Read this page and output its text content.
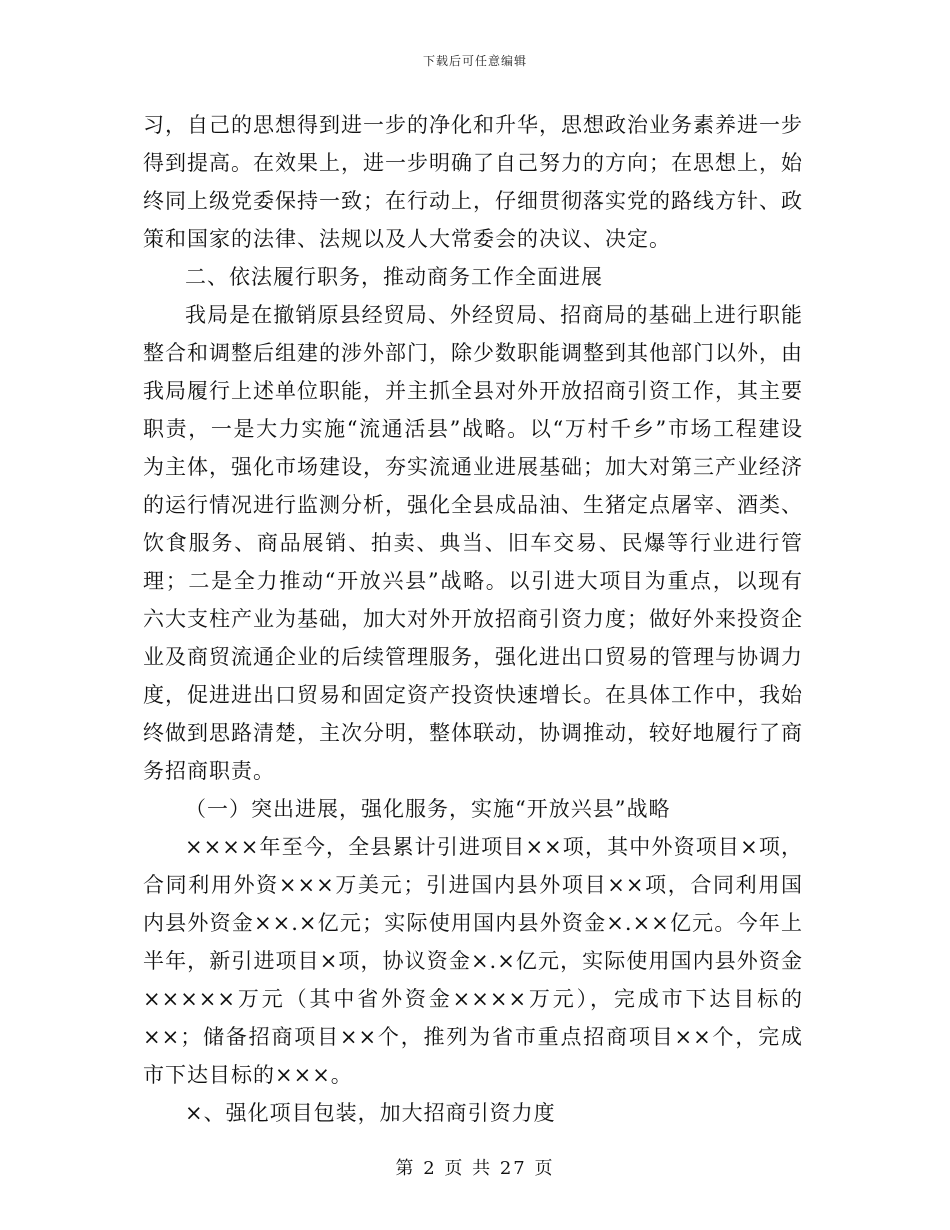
下载后可任意编辑

习，自己的思想得到进一步的净化和升华，思想政治业务素养进一步得到提高。在效果上，进一步明确了自己努力的方向；在思想上，始终同上级党委保持一致；在行动上，仔细贯彻落实党的路线方针、政策和国家的法律、法规以及人大常委会的决议、决定。

二、依法履行职务，推动商务工作全面进展

我局是在撤销原县经贸局、外经贸局、招商局的基础上进行职能整合和调整后组建的涉外部门，除少数职能调整到其他部门以外，由我局履行上述单位职能，并主抓全县对外开放招商引资工作，其主要职责，一是大力实施“流通活县”战略。以“万村千乡”市场工程建设为主体，强化市场建设，夯实流通业进展基础；加大对第三产业经济的运行情况进行监测分析，强化全县成品油、生猪定点屠宰、酒类、饮食服务、商品展销、拍卖、典当、旧车交易、民爆等行业进行管理；二是全力推动“开放兴县”战略。以引进大项目为重点，以现有六大支柱产业为基础，加大对外开放招商引资力度；做好外来投资企业及商贸流通企业的后续管理服务，强化进出口贸易的管理与协调力度，促进进出口贸易和固定资产投资快速增长。在具体工作中，我始终做到思路清楚，主次分明，整体联动，协调推动，较好地履行了商务招商职责。

（一）突出进展，强化服务，实施“开放兴县”战略

××××年至今，全县累计引进项目××项，其中外资项目×项，合同利用外资×××万美元；引进国内县外项目××项，合同利用国内县外资金××.×亿元；实际使用国内县外资金×.××亿元。今年上半年，新引进项目×项，协议资金×.×亿元，实际使用国内县外资金×××××万元（其中省外资金××××万元），完成市下达目标的××；储备招商项目××个，推列为省市重点招商项目××个，完成市下达目标的×××。

×、强化项目包装，加大招商引资力度

第 2 页 共 27 页
